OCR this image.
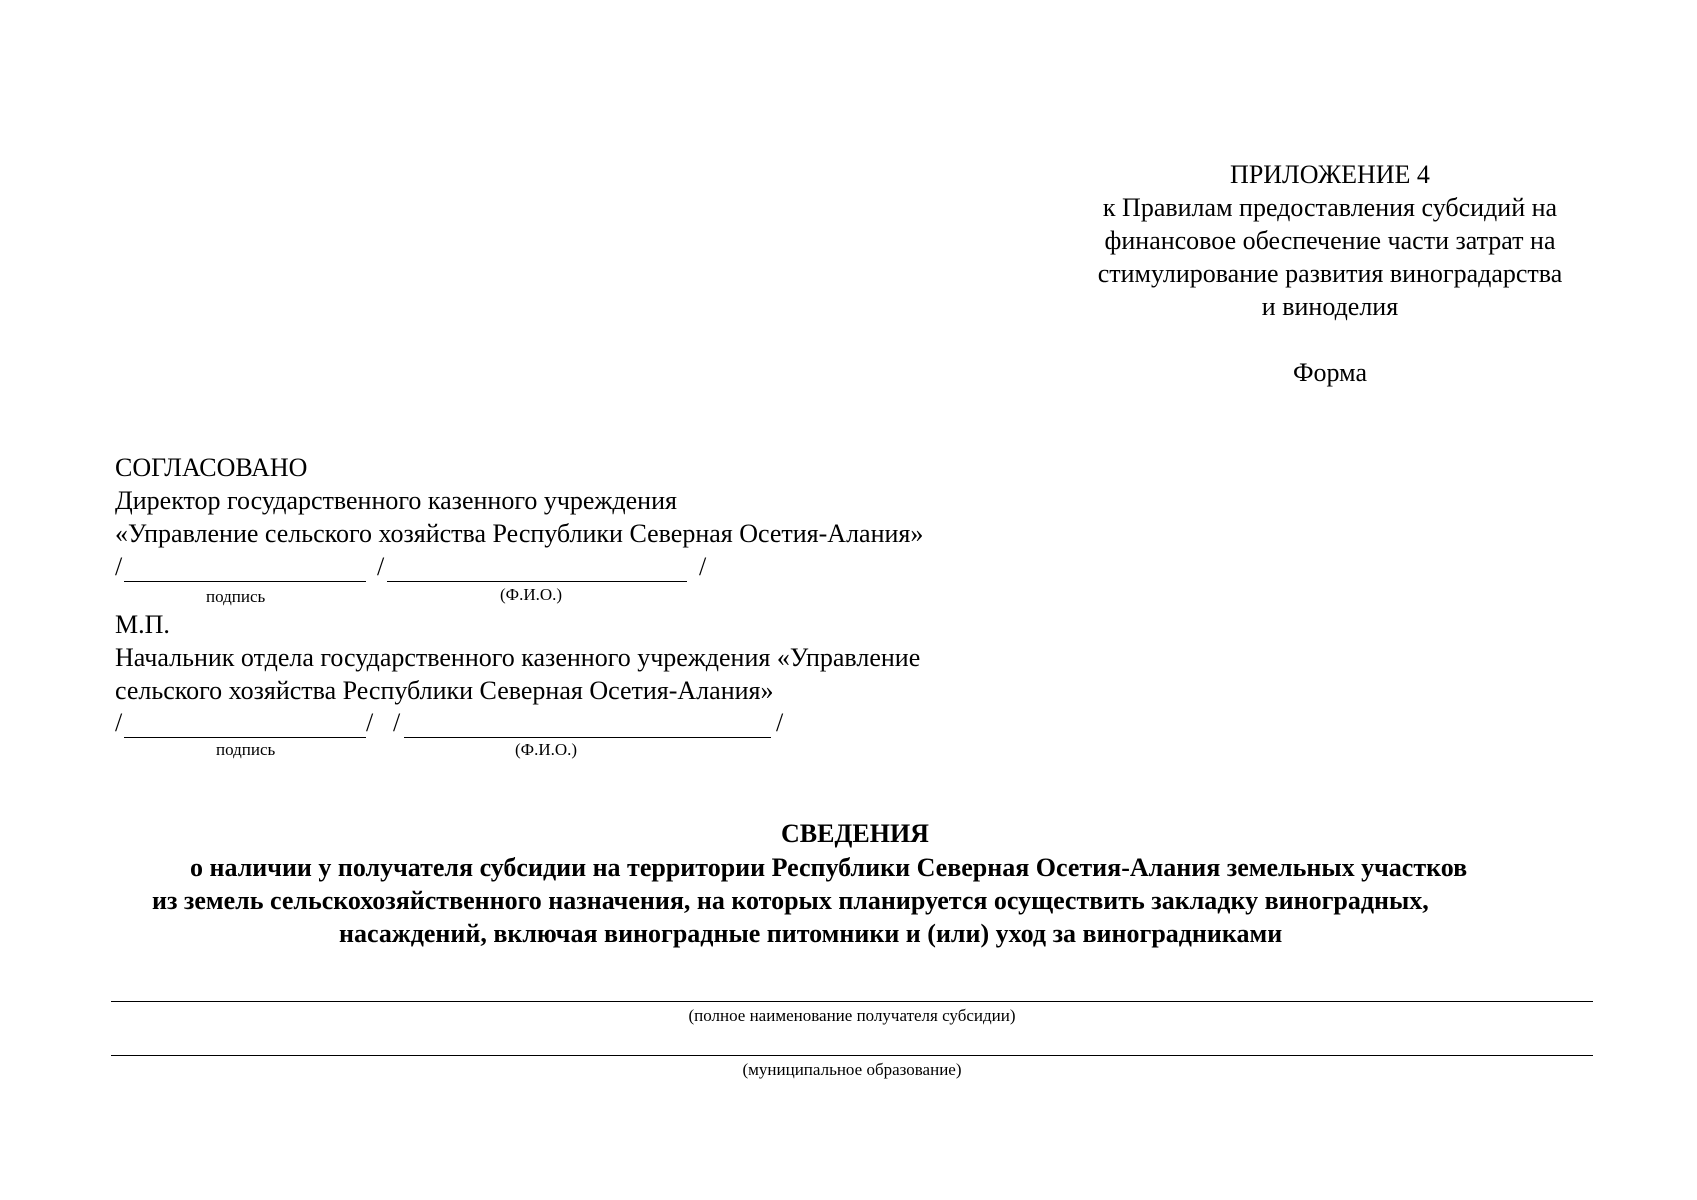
ПРИЛОЖЕНИЕ 4
к Правилам предоставления субсидий на
финансовое обеспечение части затрат на
стимулирование развития виноградарства
и виноделия
Форма
СОГЛАСОВАНО
Директор государственного казенного учреждения
«Управление сельского хозяйства Республики Северная Осетия-Алания»
/	/	/
подпись	(Ф.И.О.)
М.П.
Начальник отдела государственного казенного учреждения «Управление
сельского хозяйства Республики Северная Осетия-Алания»
/	/ /	/
подпись	(Ф.И.О.)
СВЕДЕНИЯ
о наличии у получателя субсидии на территории Республики Северная Осетия-Алания земельных участков
из земель сельскохозяйственного назначения, на которых планируется осуществить закладку виноградных,
насаждений, включая виноградные питомники и (или) уход за виноградниками
(полное наименование получателя субсидии)
(муниципальное образование)
